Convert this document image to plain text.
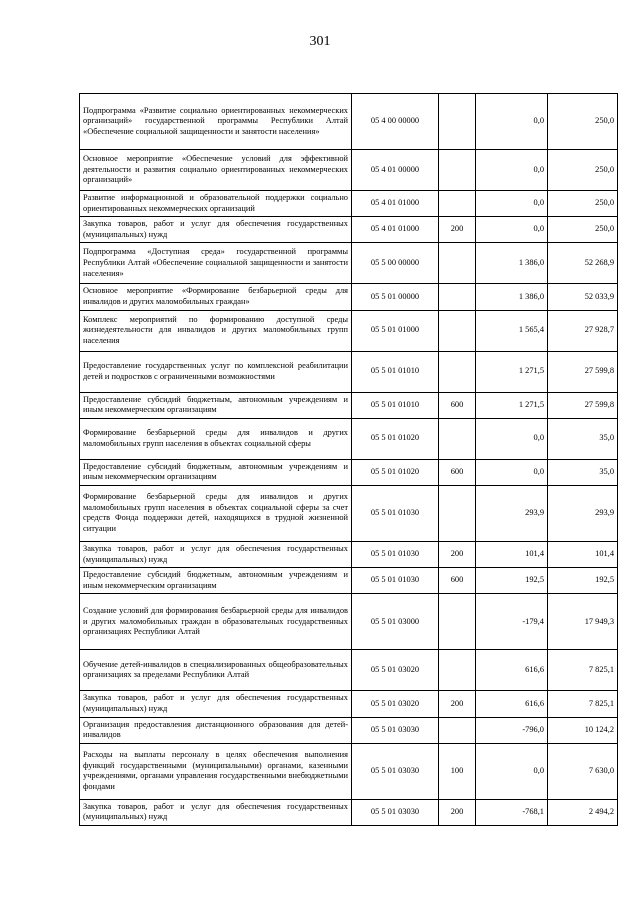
301
Подпрограмма «Развитие социально ориентированных некоммерческих организаций» государственной программы Республики Алтай «Обеспечение социальной защищенности и занятости населения»	05 4 00 00000		0,0	250,0
Основное мероприятие «Обеспечение условий для эффективной деятельности и развития социально ориентированных некоммерческих организаций»	05 4 01 00000		0,0	250,0
Развитие информационной и образовательной поддержки социально ориентированных некоммерческих организаций	05 4 01 01000		0,0	250,0
Закупка товаров, работ и услуг для обеспечения государственных (муниципальных) нужд	05 4 01 01000	200	0,0	250,0
Подпрограмма «Доступная среда» государственной программы Республики Алтай «Обеспечение социальной защищенности и занятости населения»	05 5 00 00000		1 386,0	52 268,9
Основное мероприятие «Формирование безбарьерной среды для инвалидов и других маломобильных граждан»	05 5 01 00000		1 386,0	52 033,9
Комплекс мероприятий по формированию доступной среды жизнедеятельности для инвалидов и других маломобильных групп населения	05 5 01 01000		1 565,4	27 928,7
Предоставление государственных услуг по комплексной реабилитации детей и подростков с ограниченными возможностями	05 5 01 01010		1 271,5	27 599,8
Предоставление субсидий бюджетным, автономным учреждениям и иным некоммерческим организациям	05 5 01 01010	600	1 271,5	27 599,8
Формирование безбарьерной среды для инвалидов и других маломобильных групп населения в объектах социальной сферы	05 5 01 01020		0,0	35,0
Предоставление субсидий бюджетным, автономным учреждениям и иным некоммерческим организациям	05 5 01 01020	600	0,0	35,0
Формирование безбарьерной среды для инвалидов и других маломобильных групп населения в объектах социальной сферы за счет средств Фонда поддержки детей, находящихся в трудной жизненной ситуации	05 5 01 01030		293,9	293,9
Закупка товаров, работ и услуг для обеспечения государственных (муниципальных) нужд	05 5 01 01030	200	101,4	101,4
Предоставление субсидий бюджетным, автономным учреждениям и иным некоммерческим организациям	05 5 01 01030	600	192,5	192,5
Создание условий для формирования безбарьерной среды для инвалидов и других маломобильных граждан в образовательных государственных организациях Республики Алтай	05 5 01 03000		-179,4	17 949,3
Обучение детей-инвалидов в специализированных общеобразовательных организациях за пределами Республики Алтай	05 5 01 03020		616,6	7 825,1
Закупка товаров, работ и услуг для обеспечения государственных (муниципальных) нужд	05 5 01 03020	200	616,6	7 825,1
Организация предоставления дистанционного образования для детей-инвалидов	05 5 01 03030		-796,0	10 124,2
Расходы на выплаты персоналу в целях обеспечения выполнения функций государственными (муниципальными) органами, казенными учреждениями, органами управления государственными внебюджетными фондами	05 5 01 03030	100	0,0	7 630,0
Закупка товаров, работ и услуг для обеспечения государственных (муниципальных) нужд	05 5 01 03030	200	-768,1	2 494,2
